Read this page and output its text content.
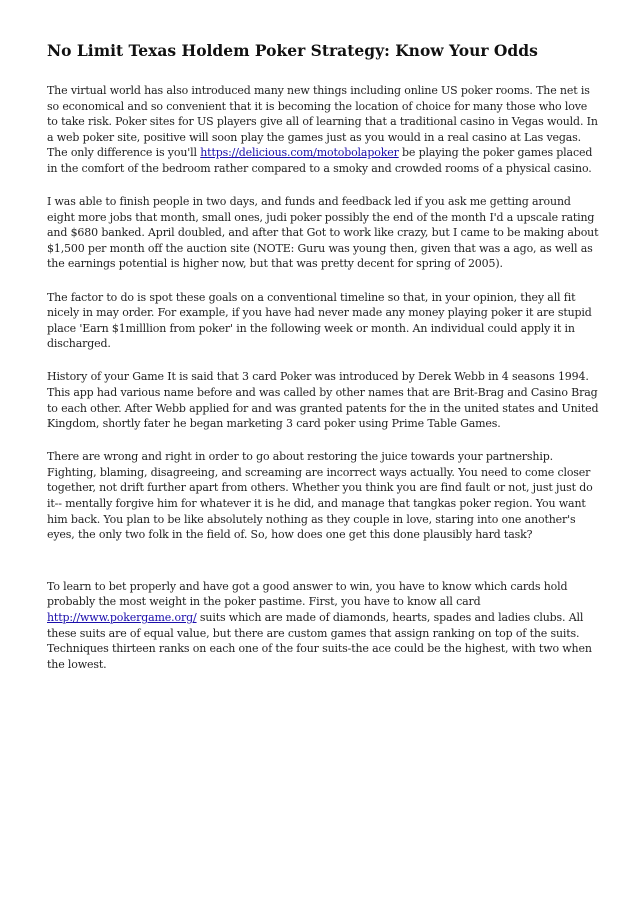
No Limit Texas Holdem Poker Strategy: Know Your Odds

The virtual world has also introduced many new things including online US poker rooms. The net is so economical and so convenient that it is becoming the location of choice for many those who love to take risk. Poker sites for US players give all of learning that a traditional casino in Vegas would. In a web poker site, positive will soon play the games just as you would in a real casino at Las vegas. The only difference is you'll https://delicious.com/motobolapoker be playing the poker games placed in the comfort of the bedroom rather compared to a smoky and crowded rooms of a physical casino.

I was able to finish people in two days, and funds and feedback led if you ask me getting around eight more jobs that month, small ones, judi poker possibly the end of the month I'd a upscale rating and $680 banked. April doubled, and after that Got to work like crazy, but I came to be making about $1,500 per month off the auction site (NOTE: Guru was young then, given that was a ago, as well as the earnings potential is higher now, but that was pretty decent for spring of 2005).

The factor to do is spot these goals on a conventional timeline so that, in your opinion, they all fit nicely in may order. For example, if you have had never made any money playing poker it are stupid place 'Earn $1milllion from poker' in the following week or month. An individual could apply it in discharged.

History of your Game It is said that 3 card Poker was introduced by Derek Webb in 4 seasons 1994. This app had various name before and was called by other names that are Brit-Brag and Casino Brag to each other. After Webb applied for and was granted patents for the in the united states and United Kingdom, shortly fater he began marketing 3 card poker using Prime Table Games.

There are wrong and right in order to go about restoring the juice towards your partnership. Fighting, blaming, disagreeing, and screaming are incorrect ways actually. You need to come closer together, not drift further apart from others. Whether you think you are find fault or not, just just do it-- mentally forgive him for whatever it is he did, and manage that tangkas poker region. You want him back. You plan to be like absolutely nothing as they couple in love, staring into one another's eyes, the only two folk in the field of. So, how does one get this done plausibly hard task?

To learn to bet properly and have got a good answer to win, you have to know which cards hold probably the most weight in the poker pastime. First, you have to know all card http://www.pokergame.org/ suits which are made of diamonds, hearts, spades and ladies clubs. All these suits are of equal value, but there are custom games that assign ranking on top of the suits. Techniques thirteen ranks on each one of the four suits-the ace could be the highest, with two when the lowest.
